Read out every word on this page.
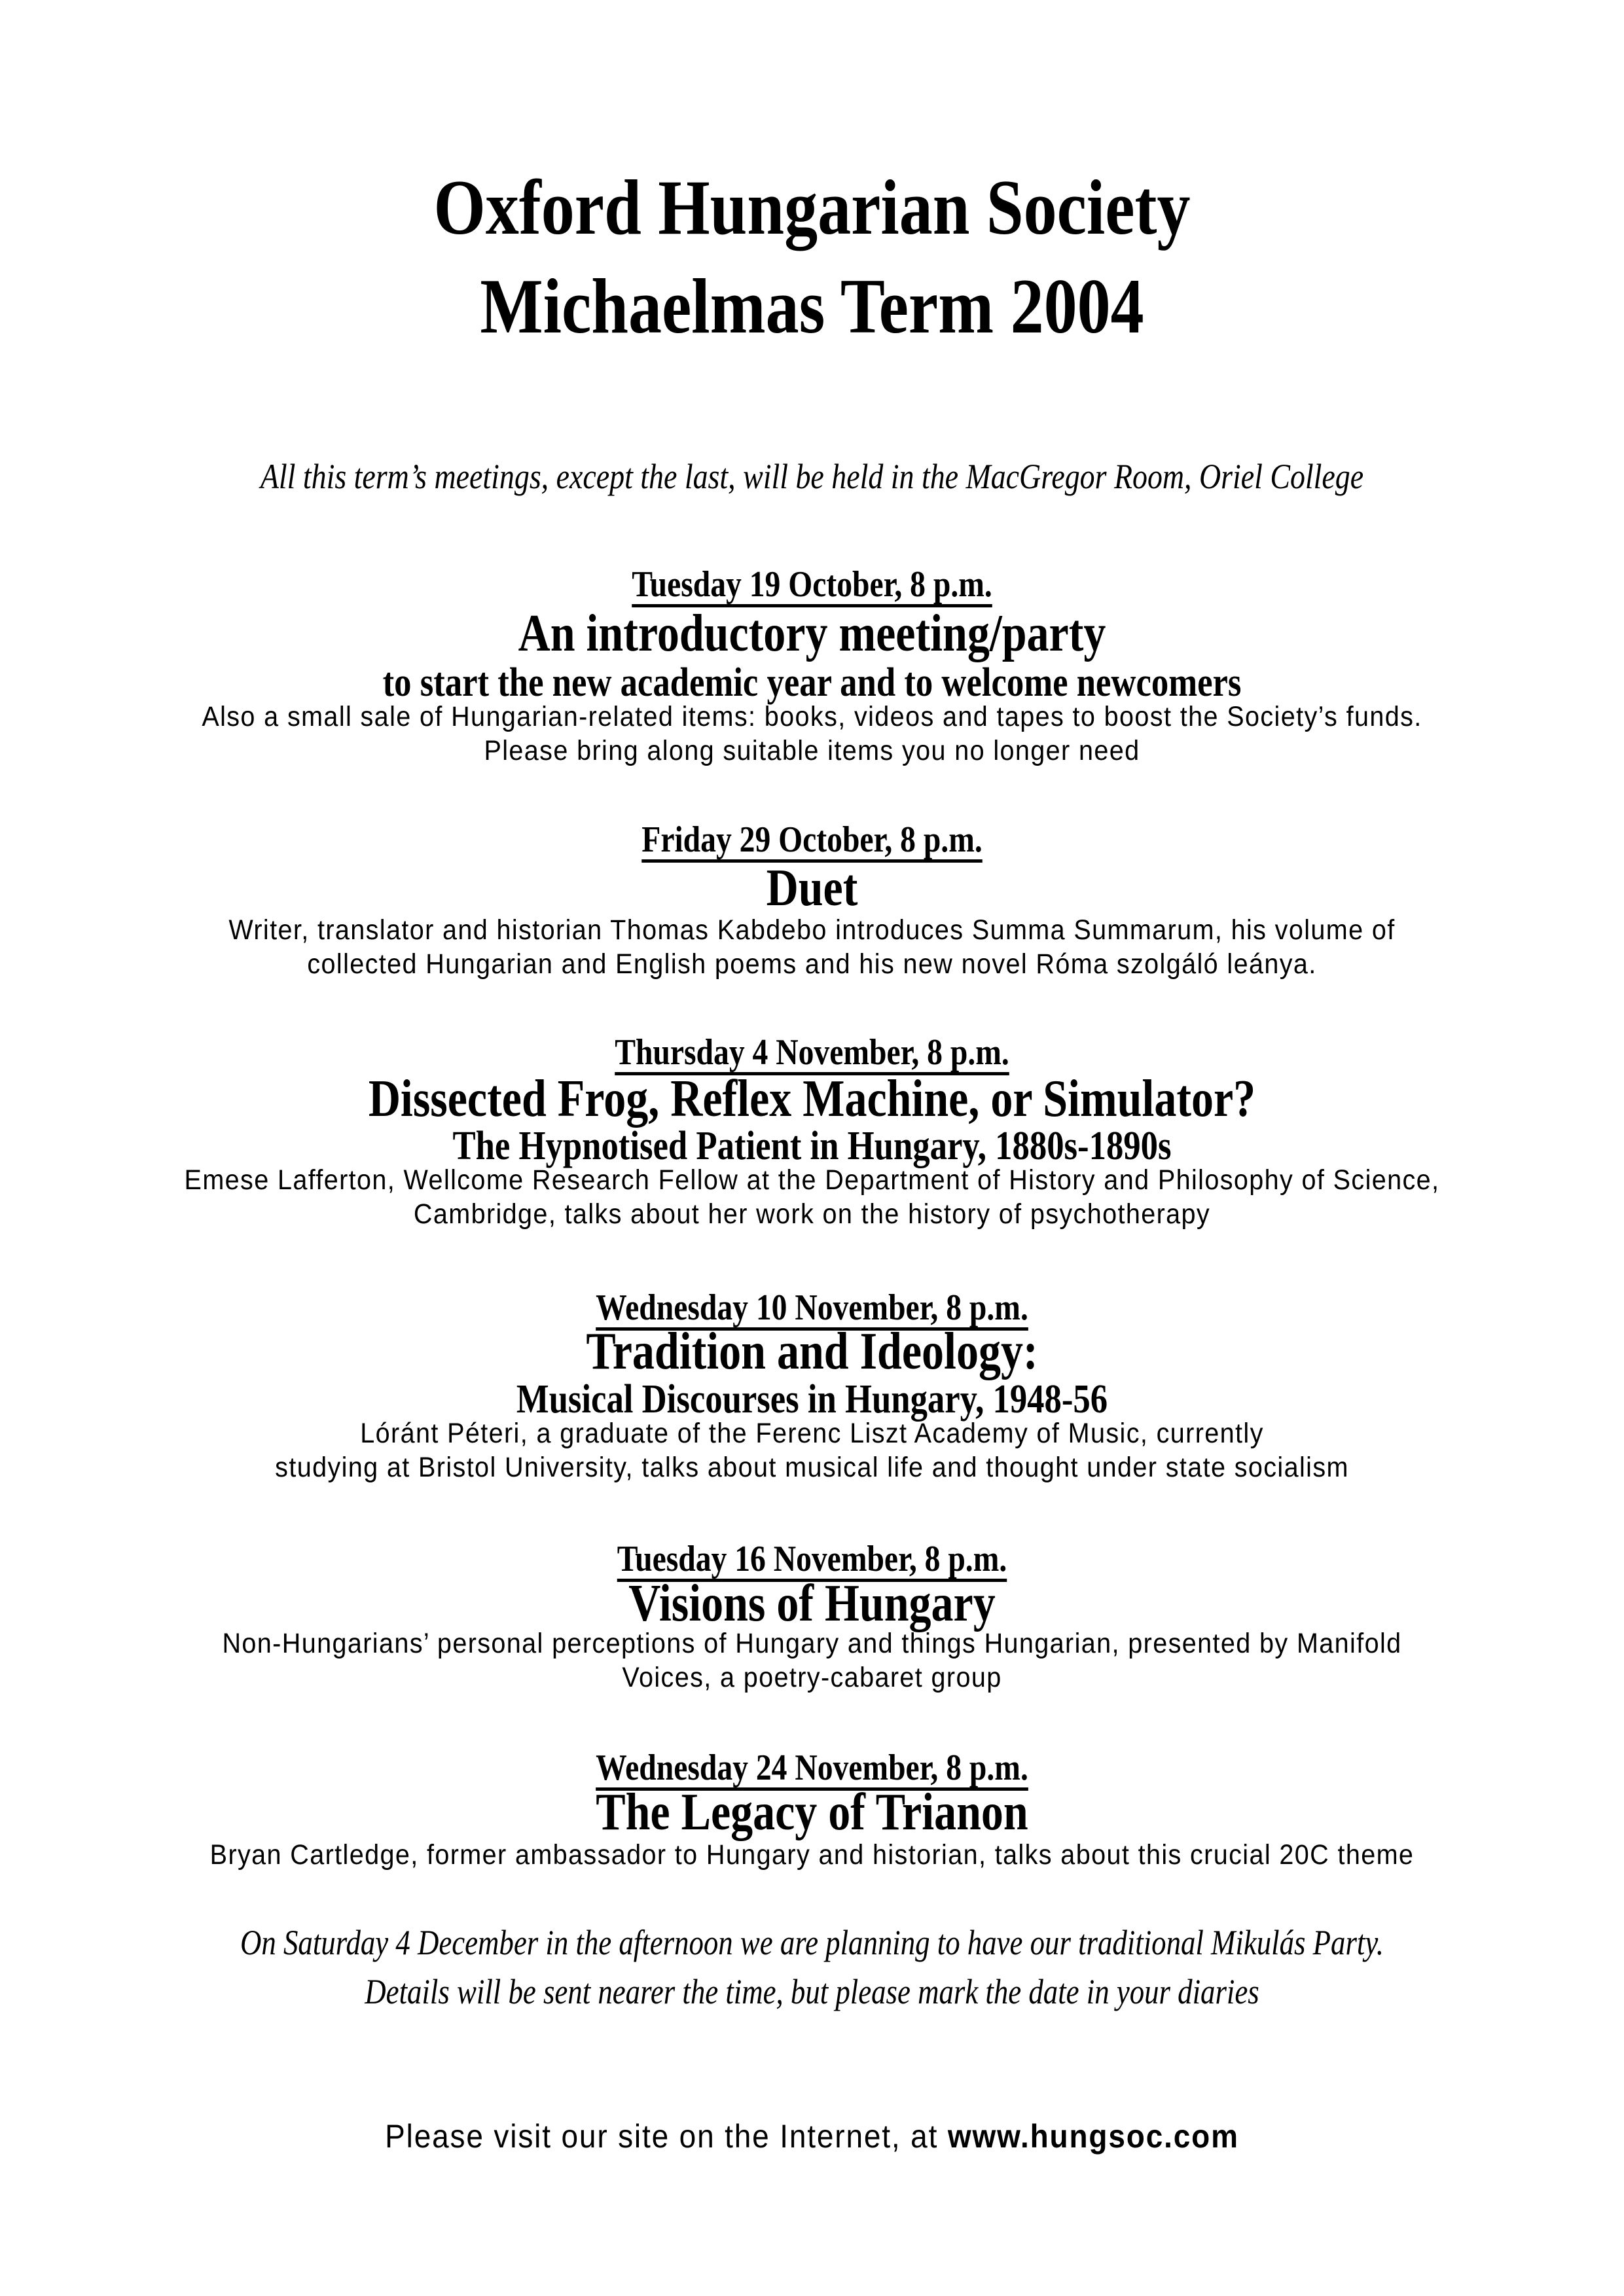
Oxford Hungarian Society
Michaelmas Term 2004
All this term’s meetings, except the last, will be held in the MacGregor Room, Oriel College
Tuesday 19 October, 8 p.m.
An introductory meeting/party
to start the new academic year and to welcome newcomers
Also a small sale of Hungarian-related items: books, videos and tapes to boost the Society’s funds.
Please bring along suitable items you no longer need
Friday 29 October, 8 p.m.
Duet
Writer, translator and historian Thomas Kabdebo introduces Summa Summarum, his volume of
collected Hungarian and English poems and his new novel Róma szolgáló leánya.
Thursday 4 November, 8 p.m.
Dissected Frog, Reflex Machine, or Simulator?
The Hypnotised Patient in Hungary, 1880s-1890s
Emese Lafferton, Wellcome Research Fellow at the Department of History and Philosophy of Science,
Cambridge, talks about her work on the history of psychotherapy
Wednesday 10 November, 8 p.m.
Tradition and Ideology:
Musical Discourses in Hungary, 1948-56
Lóránt Péteri, a graduate of the Ferenc Liszt Academy of Music, currently
studying at Bristol University, talks about musical life and thought under state socialism
Tuesday 16 November, 8 p.m.
Visions of Hungary
Non-Hungarians’ personal perceptions of Hungary and things Hungarian, presented by Manifold
Voices, a poetry-cabaret group
Wednesday 24 November, 8 p.m.
The Legacy of Trianon
Bryan Cartledge, former ambassador to Hungary and historian, talks about this crucial 20C theme
On Saturday 4 December in the afternoon we are planning to have our traditional Mikulás Party.
Details will be sent nearer the time, but please mark the date in your diaries
Please visit our site on the Internet, at www.hungsoc.com
